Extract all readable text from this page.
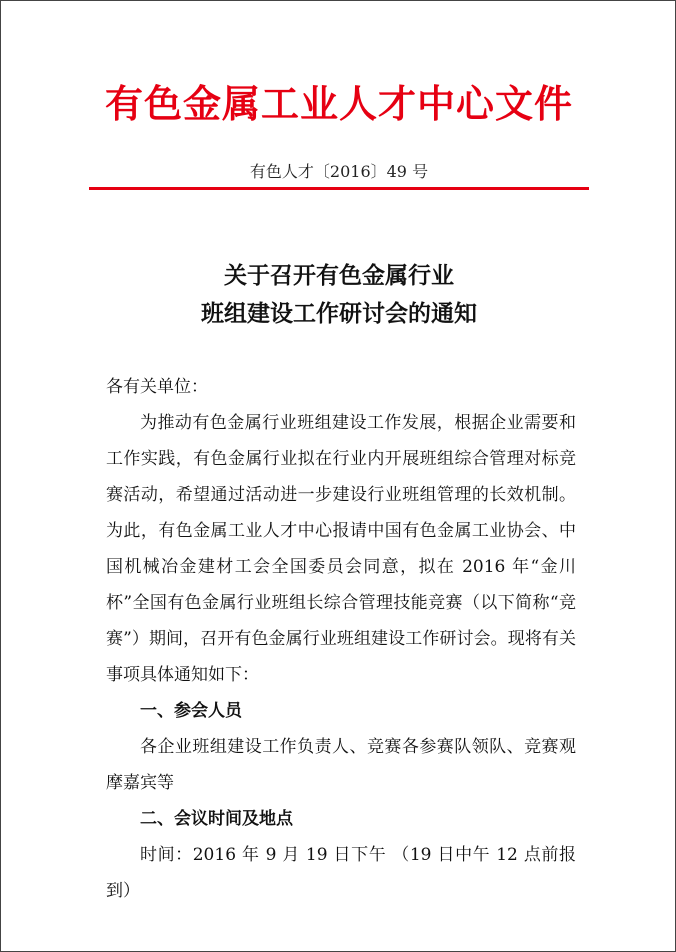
有色金属工业人才中心文件
有色人才〔2016〕49 号
关于召开有色金属行业
班组建设工作研讨会的通知

各有关单位：

为推动有色金属行业班组建设工作发展，根据企业需要和工作实践，有色金属行业拟在行业内开展班组综合管理对标竞赛活动，希望通过活动进一步建设行业班组管理的长效机制。为此，有色金属工业人才中心报请中国有色金属工业协会、中国机械冶金建材工会全国委员会同意，拟在 2016 年“金川杯”全国有色金属行业班组长综合管理技能竞赛（以下简称“竞赛”）期间，召开有色金属行业班组建设工作研讨会。现将有关事项具体通知如下：

一、参会人员

各企业班组建设工作负责人、竞赛各参赛队领队、竞赛观摩嘉宾等

二、会议时间及地点

时间：2016 年 9 月 19 日下午 （19 日中午 12 点前报到）
